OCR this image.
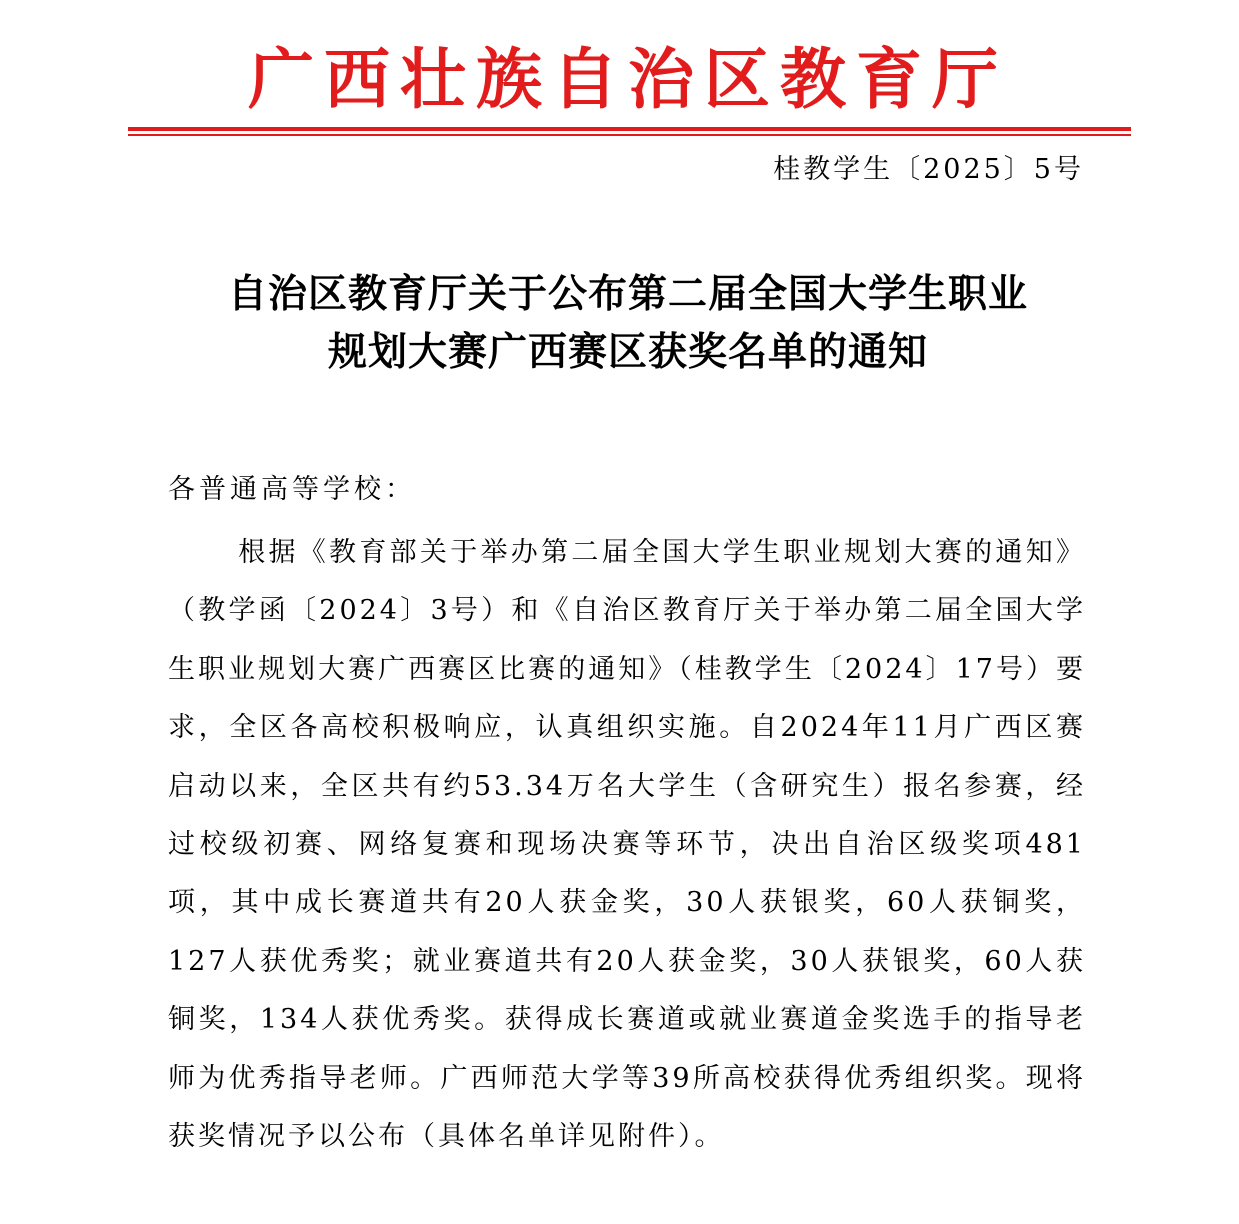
广西壮族自治区教育厅
桂教学生〔2025〕5号
自治区教育厅关于公布第二届全国大学生职业
规划大赛广西赛区获奖名单的通知
各普通高等学校：
根据《教育部关于举办第二届全国大学生职业规划大赛的通知》（教学函〔2024〕3号）和《自治区教育厅关于举办第二届全国大学生职业规划大赛广西赛区比赛的通知》（桂教学生〔2024〕17号）要求，全区各高校积极响应，认真组织实施。自2024年11月广西区赛启动以来，全区共有约53.34万名大学生（含研究生）报名参赛，经过校级初赛、网络复赛和现场决赛等环节，决出自治区级奖项481项，其中成长赛道共有20人获金奖，30人获银奖，60人获铜奖，127人获优秀奖；就业赛道共有20人获金奖，30人获银奖，60人获铜奖，134人获优秀奖。获得成长赛道或就业赛道金奖选手的指导老师为优秀指导老师。广西师范大学等39所高校获得优秀组织奖。现将获奖情况予以公布（具体名单详见附件）。
